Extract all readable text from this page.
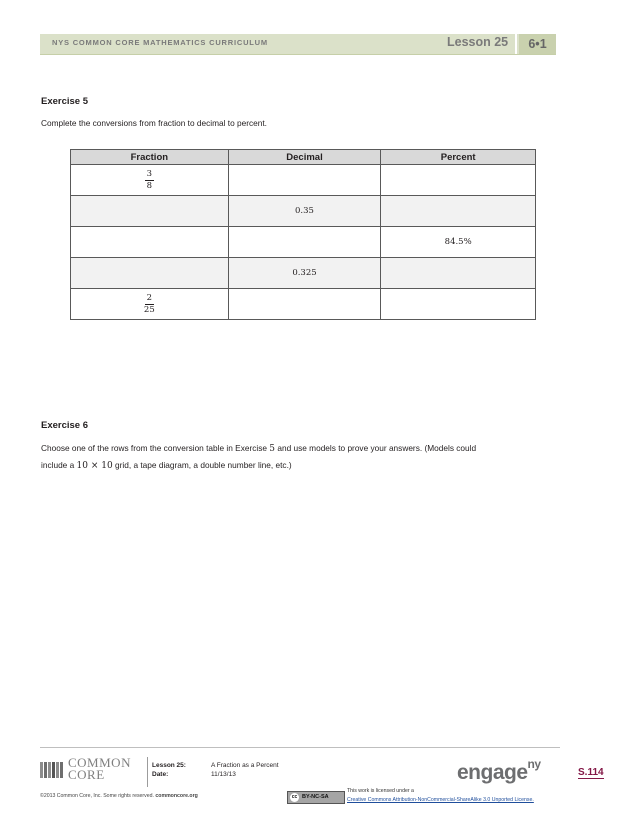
NYS COMMON CORE MATHEMATICS CURRICULUM	Lesson 25	6•1
Exercise 5
Complete the conversions from fraction to decimal to percent.
Fraction	Decimal	Percent

$\frac{3}{8}$

	0.35	
		84.5%
	0.325	

$\frac{2}{25}$

Exercise 6
Choose one of the rows from the conversion table in Exercise 5 and use models to prove your answers. (Models could
include a 10 × 10 grid, a tape diagram, a double number line, etc.)
COMMON
CORE
Lesson 25:	A Fraction as a Percent
Date:	11/13/13	engage$^{ny}$
S.114
©2013 Common Core, Inc. Some rights reserved. commoncore.org	cc BY-NC-SA
This work is licensed under a
Creative Commons Attribution-NonCommercial-ShareAlike 3.0 Unported License.
